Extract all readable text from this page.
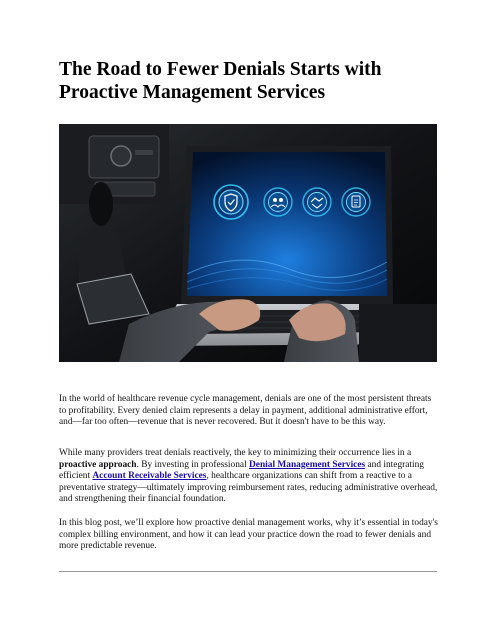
The Road to Fewer Denials Starts with Proactive Management Services

In the world of healthcare revenue cycle management, denials are one of the most persistent threats to profitability. Every denied claim represents a delay in payment, additional administrative effort, and—far too often—revenue that is never recovered. But it doesn't have to be this way.

While many providers treat denials reactively, the key to minimizing their occurrence lies in a proactive approach. By investing in professional Denial Management Services and integrating efficient Account Receivable Services, healthcare organizations can shift from a reactive to a preventative strategy—ultimately improving reimbursement rates, reducing administrative overhead, and strengthening their financial foundation.

In this blog post, we’ll explore how proactive denial management works, why it’s essential in today's complex billing environment, and how it can lead your practice down the road to fewer denials and more predictable revenue.
